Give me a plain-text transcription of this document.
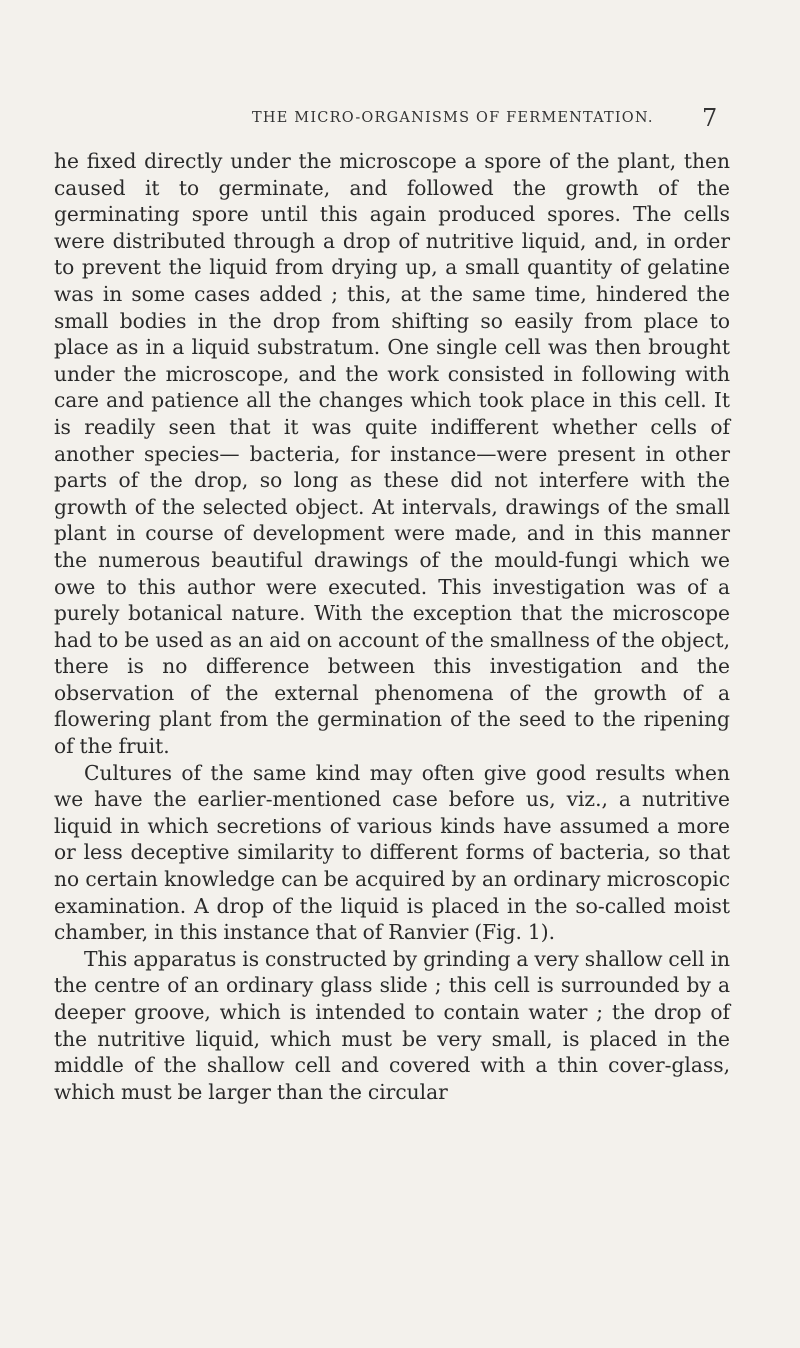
THE MICRO-ORGANISMS OF FERMENTATION. 7

he fixed directly under the microscope a spore of the plant, then caused it to germinate, and followed the growth of the germinating spore until this again produced spores. The cells were distributed through a drop of nutritive liquid, and, in order to prevent the liquid from drying up, a small quantity of gelatine was in some cases added ; this, at the same time, hindered the small bodies in the drop from shifting so easily from place to place as in a liquid substratum. One single cell was then brought under the microscope, and the work consisted in following with care and patience all the changes which took place in this cell. It is readily seen that it was quite indifferent whether cells of another species— bacteria, for instance—were present in other parts of the drop, so long as these did not interfere with the growth of the selected object. At intervals, drawings of the small plant in course of development were made, and in this manner the numerous beautiful drawings of the mould-fungi which we owe to this author were executed. This investigation was of a purely botanical nature. With the exception that the microscope had to be used as an aid on account of the smallness of the object, there is no difference between this investigation and the observation of the external phenomena of the growth of a flowering plant from the germination of the seed to the ripening of the fruit.

Cultures of the same kind may often give good results when we have the earlier-mentioned case before us, viz., a nutritive liquid in which secretions of various kinds have assumed a more or less deceptive similarity to different forms of bacteria, so that no certain knowledge can be acquired by an ordinary microscopic examination. A drop of the liquid is placed in the so-called moist chamber, in this instance that of Ranvier (Fig. 1).

This apparatus is constructed by grinding a very shallow cell in the centre of an ordinary glass slide ; this cell is surrounded by a deeper groove, which is intended to contain water ; the drop of the nutritive liquid, which must be very small, is placed in the middle of the shallow cell and covered with a thin cover-glass, which must be larger than the circular
